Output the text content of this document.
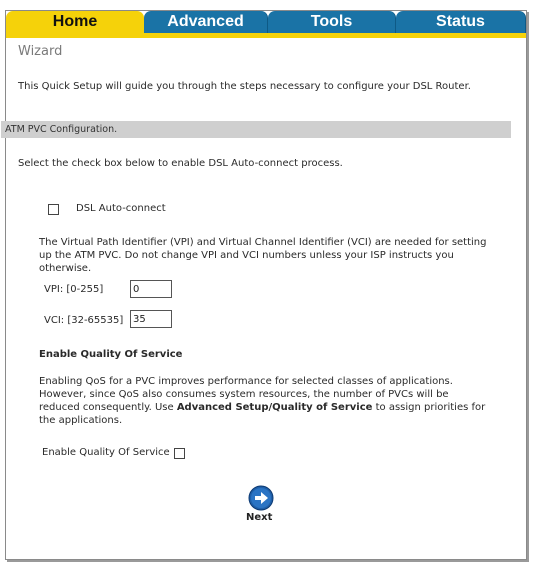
Home	Advanced	Tools	Status
Wizard
This Quick Setup will guide you through the steps necessary to configure your DSL Router.
ATM PVC Configuration.
Select the check box below to enable DSL Auto-connect process.
DSL Auto-connect
The Virtual Path Identifier (VPI) and Virtual Channel Identifier (VCI) are needed for setting up the ATM PVC. Do not change VPI and VCI numbers unless your ISP instructs you otherwise.
VPI: [0-255]	0
VCI: [32-65535] 35
Enable Quality Of Service
Enabling QoS for a PVC improves performance for selected classes of applications. However, since QoS also consumes system resources, the number of PVCs will be reduced consequently. Use Advanced Setup/Quality of Service to assign priorities for the applications.
Enable Quality Of Service
Next
